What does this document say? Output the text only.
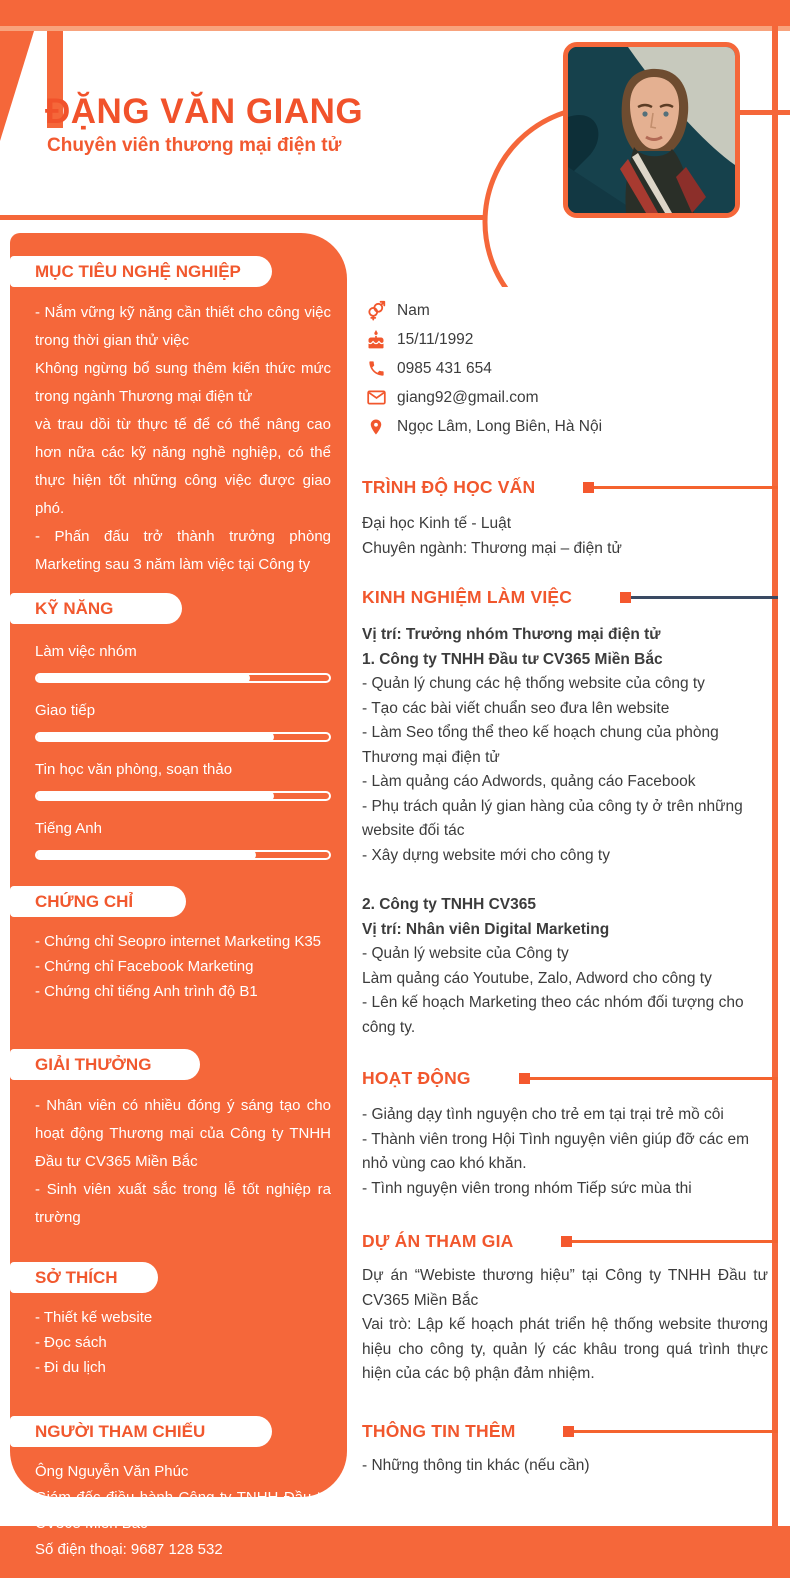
ĐẶNG VĂN GIANG
Chuyên viên thương mại điện tử
MỤC TIÊU NGHỆ NGHIỆP

- Nắm vững kỹ năng cần thiết cho công việc trong thời gian thử việc

Không ngừng bổ sung thêm kiến thức mức trong ngành Thương mại điện tử

và trau dồi từ thực tế để có thể nâng cao hơn nữa các kỹ năng nghề nghiệp, có thể thực hiện tốt những công việc được giao phó.

- Phấn đấu trở thành trưởng phòng Marketing sau 3 năm làm việc tại Công ty

KỸ NĂNG
Làm việc nhóm
Giao tiếp
Tin học văn phòng, soạn thảo
Tiếng Anh
CHỨNG CHỈ
- Chứng chỉ Seopro internet Marketing K35
- Chứng chỉ Facebook Marketing
- Chứng chỉ tiếng Anh trình độ B1
GIẢI THƯỞNG

- Nhân viên có nhiều đóng ý sáng tạo cho hoạt động Thương mại của Công ty TNHH Đầu tư CV365 Miền Bắc

- Sinh viên xuất sắc trong lễ tốt nghiệp ra trường

SỞ THÍCH
- Thiết kế website
- Đọc sách
- Đi du lịch
NGƯỜI THAM CHIẾU
Ông Nguyễn Văn Phúc
Giám đốc điều hành Công ty TNHH Đầu tư CV365 Miền Bắc
Số điện thoại: 9687 128 532
Nam
15/11/1992
0985 431 654
giang92@gmail.com
Ngọc Lâm, Long Biên, Hà Nội
TRÌNH ĐỘ HỌC VẤN
Đại học Kinh tế - Luật
Chuyên ngành: Thương mại – điện tử
KINH NGHIỆM LÀM VIỆC
Vị trí: Trưởng nhóm Thương mại điện tử
1. Công ty TNHH Đầu tư CV365 Miền Bắc
- Quản lý chung các hệ thống website của công ty
- Tạo các bài viết chuẩn seo đưa lên website
- Làm Seo tổng thể theo kế hoạch chung của phòng Thương mại điện tử
- Làm quảng cáo Adwords, quảng cáo Facebook
- Phụ trách quản lý gian hàng của công ty ở trên những website đối tác
- Xây dựng website mới cho công ty
2. Công ty TNHH CV365
Vị trí: Nhân viên Digital Marketing
- Quản lý website của Công ty
Làm quảng cáo Youtube, Zalo, Adword cho công ty
- Lên kế hoạch Marketing theo các nhóm đối tượng cho công ty.
HOẠT ĐỘNG
- Giảng dạy tình nguyện cho trẻ em tại trại trẻ mồ côi
- Thành viên trong Hội Tình nguyện viên giúp đỡ các em nhỏ vùng cao khó khăn.
- Tình nguyện viên trong nhóm Tiếp sức mùa thi
DỰ ÁN THAM GIA
Dự án “Webiste thương hiệu” tại Công ty TNHH Đầu tư CV365 Miền Bắc
Vai trò: Lập kế hoạch phát triển hệ thống website thương hiệu cho công ty, quản lý các khâu trong quá trình thực hiện của các bộ phận đảm nhiệm.
THÔNG TIN THÊM
- Những thông tin khác (nếu cần)
